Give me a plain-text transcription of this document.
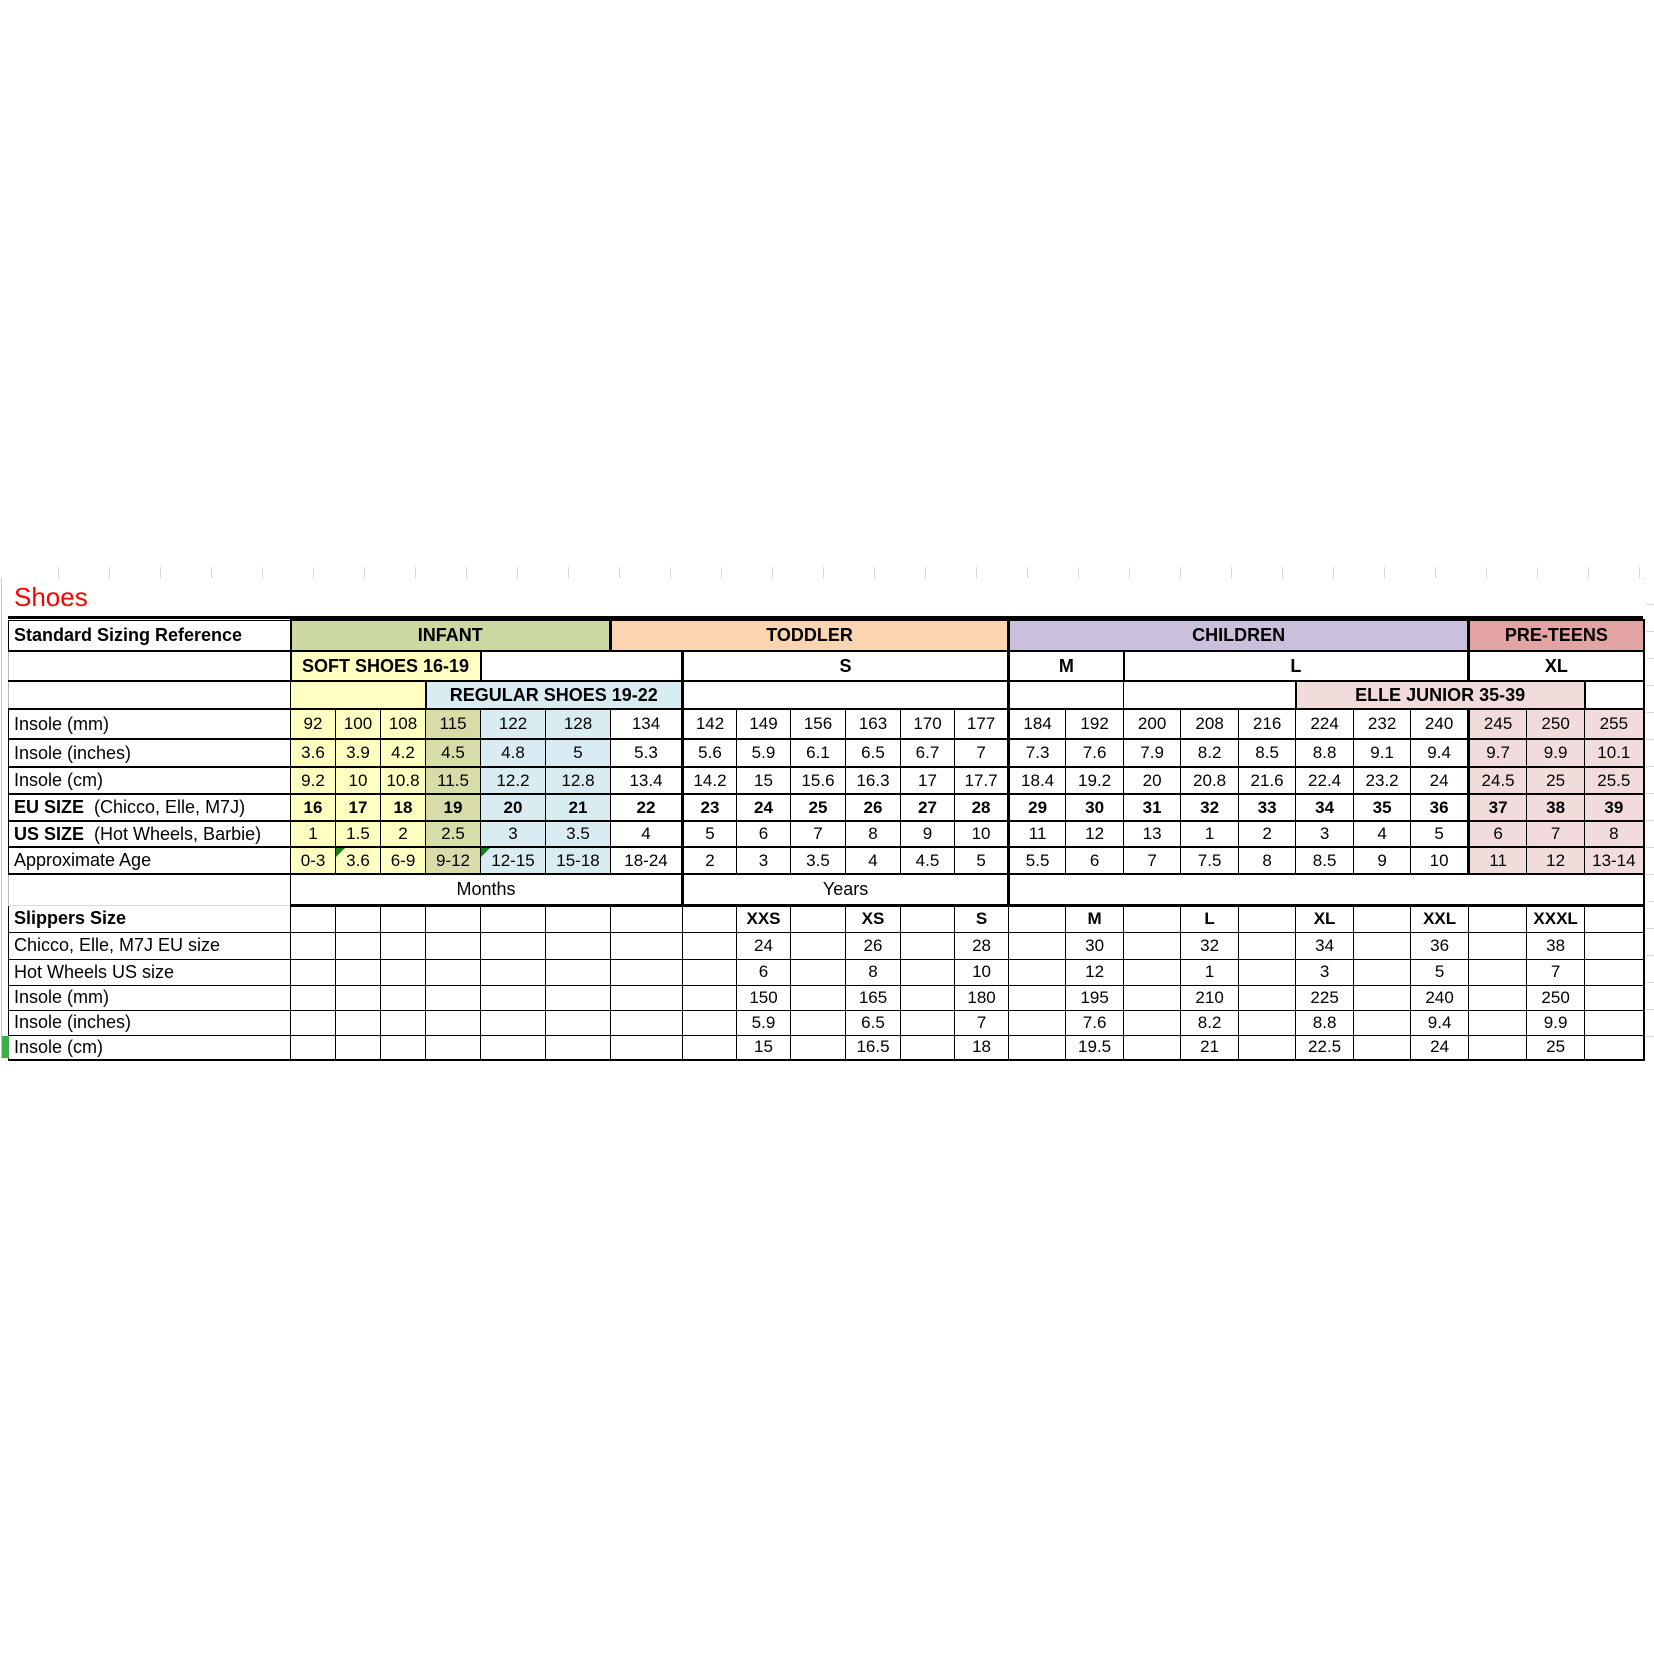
Shoes
Standard Sizing Reference	INFANT						TODDLER							CHILDREN								PRE-TEENS		
	SOFT SHOES 16-19							S						M		L						XL		
				REGULAR SHOES 19-22															ELLE JUNIOR 35-39					
Insole (mm)	92	100	108	115	122	128	134	142	149	156	163	170	177	184	192	200	208	216	224	232	240	245	250	255
Insole (inches)	3.6	3.9	4.2	4.5	4.8	5	5.3	5.6	5.9	6.1	6.5	6.7	7	7.3	7.6	7.9	8.2	8.5	8.8	9.1	9.4	9.7	9.9	10.1
Insole (cm)	9.2	10	10.8	11.5	12.2	12.8	13.4	14.2	15	15.6	16.3	17	17.7	18.4	19.2	20	20.8	21.6	22.4	23.2	24	24.5	25	25.5
EU SIZE (Chicco, Elle, M7J)	16	17	18	19	20	21	22	23	24	25	26	27	28	29	30	31	32	33	34	35	36	37	38	39
US SIZE (Hot Wheels, Barbie)	1	1.5	2	2.5	3	3.5	4	5	6	7	8	9	10	11	12	13	1	2	3	4	5	6	7	8
Approximate Age	0-3	3.6	6-9	9-12	12-15	15-18	18-24	2	3	3.5	4	4.5	5	5.5	6	7	7.5	8	8.5	9	10	11	12	13-14
	Months							Years																
Slippers Size									XXS		XS		S		M		L		XL		XXL		XXXL	
Chicco, Elle, M7J EU size									24		26		28		30		32		34		36		38	
Hot Wheels US size									6		8		10		12		1		3		5		7	
Insole (mm)									150		165		180		195		210		225		240		250	
Insole (inches)									5.9		6.5		7		7.6		8.2		8.8		9.4		9.9	
Insole (cm)									15		16.5		18		19.5		21		22.5		24		25	
